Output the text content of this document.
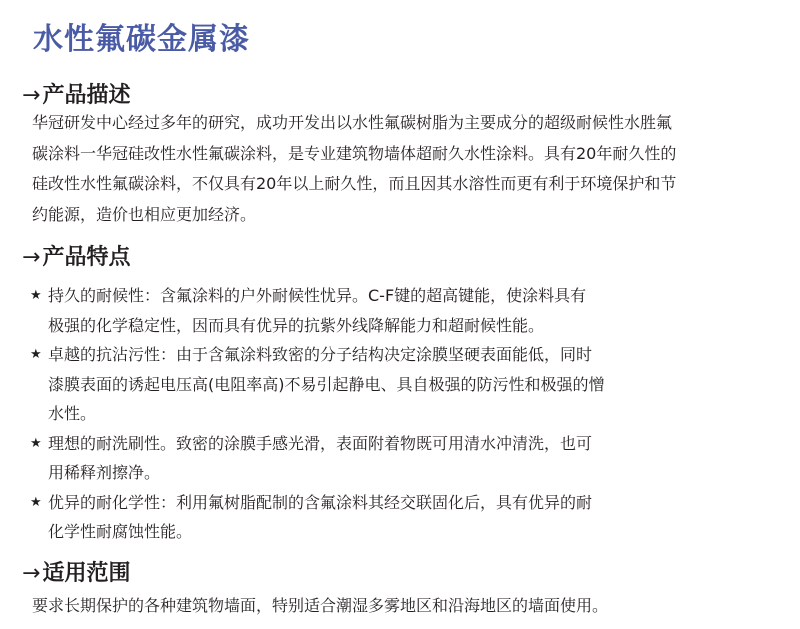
水性氟碳金属漆
→产品描述
华冠研发中心经过多年的研究，成功开发出以水性氟碳树脂为主要成分的超级耐候性水胜氟
碳涂料一华冠硅改性水性氟碳涂料，是专业建筑物墙体超耐久水性涂料。具有20年耐久性的
硅改性水性氟碳涂料，不仅具有20年以上耐久性，而且因其水溶性而更有利于环境保护和节
约能源，造价也相应更加经济。
→产品特点
★ 持久的耐候性：含氟涂料的户外耐候性忧异。C-F键的超高键能，使涂料具有
极强的化学稳定性，因而具有优异的抗紫外线降解能力和超耐候性能。
★ 卓越的抗沾污性：由于含氟涂料致密的分子结构决定涂膜坚硬表面能低，同时
漆膜表面的诱起电压高(电阻率高)不易引起静电、具自极强的防污性和极强的憎
水性。
★ 理想的耐洗刷性。致密的涂膜手感光滑，表面附着物既可用清水冲清洗，也可
用稀释剂擦净。
★ 优异的耐化学性：利用氟树脂配制的含氟涂料其经交联固化后，具有优异的耐
化学性耐腐蚀性能。
→适用范围
要求长期保护的各种建筑物墙面，特别适合潮湿多雾地区和沿海地区的墙面使用。
